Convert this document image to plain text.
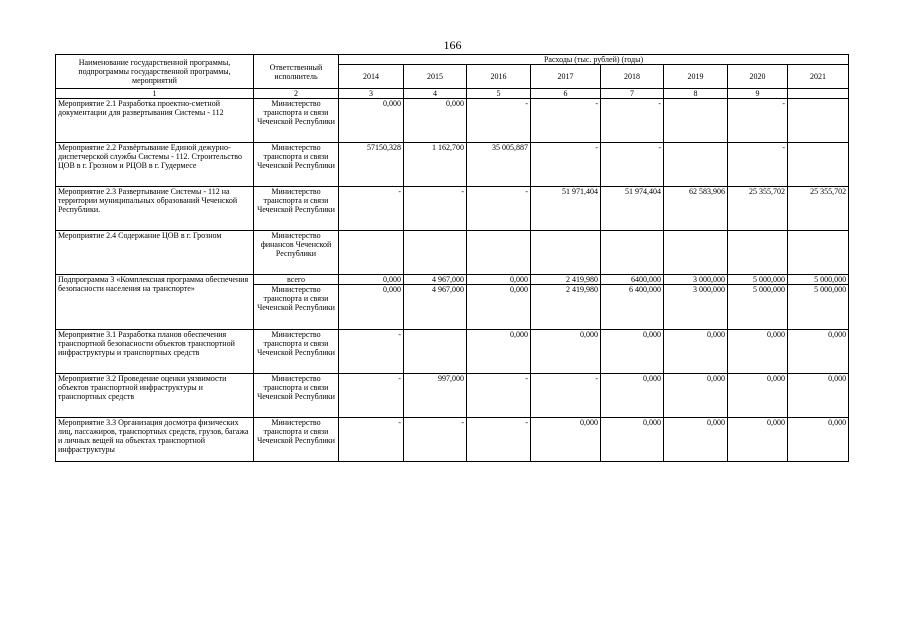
166
Наименование государственной программы, подпрограммы государственной программы, мероприятий	Ответственный исполнитель	Расходы (тыс. рублей) (годы)							
		2014	2015	2016	2017	2018	2019	2020	2021
1	2	3	4	5	6	7	8	9	
Мероприятие 2.1 Разработка проектно-сметной документации для развертывания Системы - 112	Министерство транспорта и связи Чеченской Республики	0,000	0,000	-	-	-		-	
Мероприятие 2.2 Развёртывание Единой дежурно-диспетчерской службы Системы - 112. Строительство ЦОВ в г. Грозном и РЦОВ в г. Гудермесе	Министерство транспорта и связи Чеченской Республики	57150,328	1 162,700	35 005,887	-	-		-	
Мероприятие 2.3 Развертывание Системы - 112 на территории муниципальных образований Чеченской Республики.	Министерство транспорта и связи Чеченской Республики	-	-	-	51 971,404	51 974,404	62 583,906	25 355,702	25 355,702
Мероприятие 2.4 Содержание ЦОВ в г. Грозном	Министерство финансов Чеченской Республики								
Подпрограмма 3 «Комплексная программа обеспечения безопасности населения на транспорте»	всего	0,000	4 967,000	0,000	2 419,980	6400,000	3 000,000	5 000,000	5 000,000
	Министерство транспорта и связи Чеченской Республики	0,000	4 967,000	0,000	2 419,980	6 400,000	3 000,000	5 000,000	5 000,000
Мероприятие 3.1 Разработка планов обеспечения транспортной безопасности объектов транспортной инфраструктуры и транспортных средств	Министерство транспорта и связи Чеченской Республики	-		0,000	0,000	0,000	0,000	0,000	0,000
Мероприятие 3.2 Проведение оценки уязвимости объектов транспортной инфраструктуры и транспортных средств	Министерство транспорта и связи Чеченской Республики	-	997,000	-	-	0,000	0,000	0,000	0,000
Мероприятие 3.3 Организация досмотра физических лиц, пассажиров, транспортных средств, грузов, багажа и личных вещей на объектах транспортной инфраструктуры	Министерство транспорта и связи Чеченской Республики	-	-	-	0,000	0,000	0,000	0,000	0,000
